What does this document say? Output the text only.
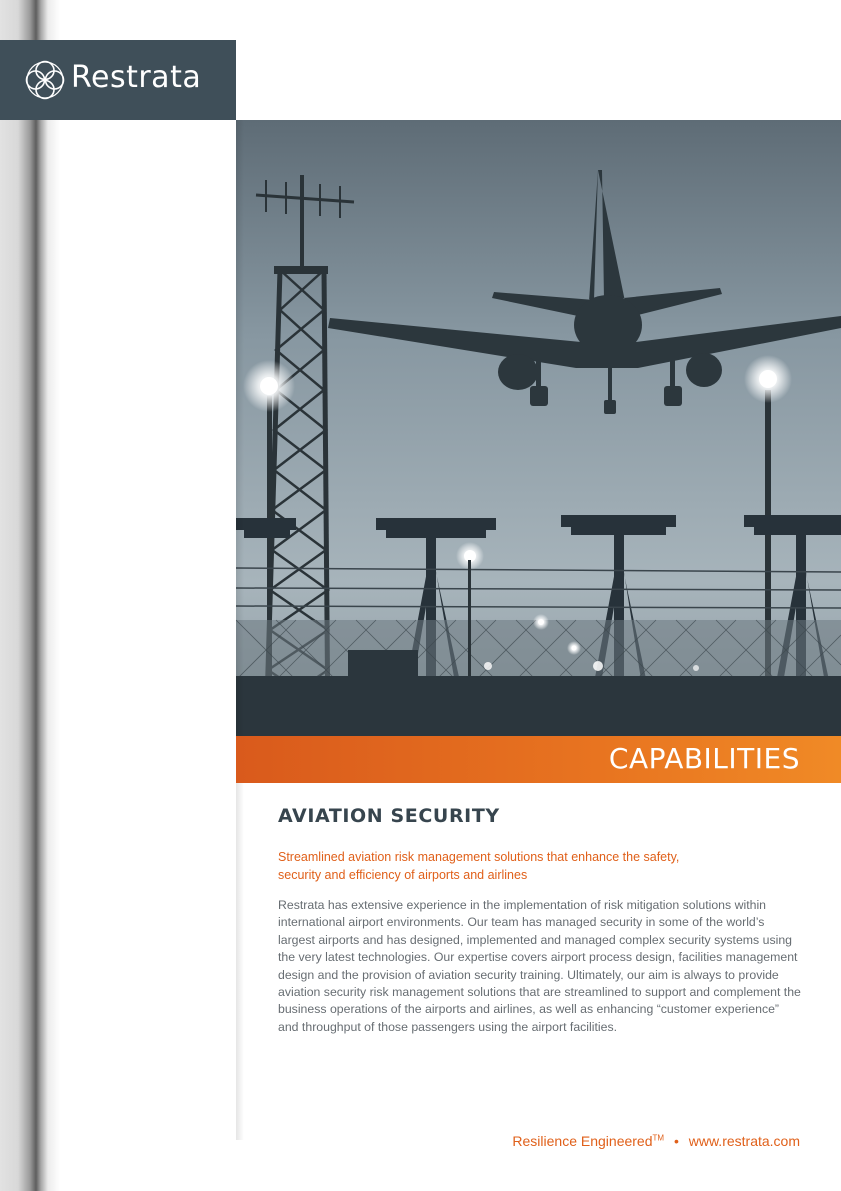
Restrata
CAPABILITIES
AVIATION SECURITY
Streamlined aviation risk management solutions that enhance the safety,
security and efficiency of airports and airlines
Restrata has extensive experience in the implementation of risk mitigation solutions within international airport environments. Our team has managed security in some of the world’s largest airports and has designed, implemented and managed complex security systems using the very latest technologies. Our expertise covers airport process design, facilities management design and the provision of aviation security training. Ultimately, our aim is always to provide aviation security risk management solutions that are streamlined to support and complement the business operations of the airports and airlines, as well as enhancing “customer experience” and throughput of those passengers using the airport facilities.
Resilience Engineered™ • www.restrata.com
